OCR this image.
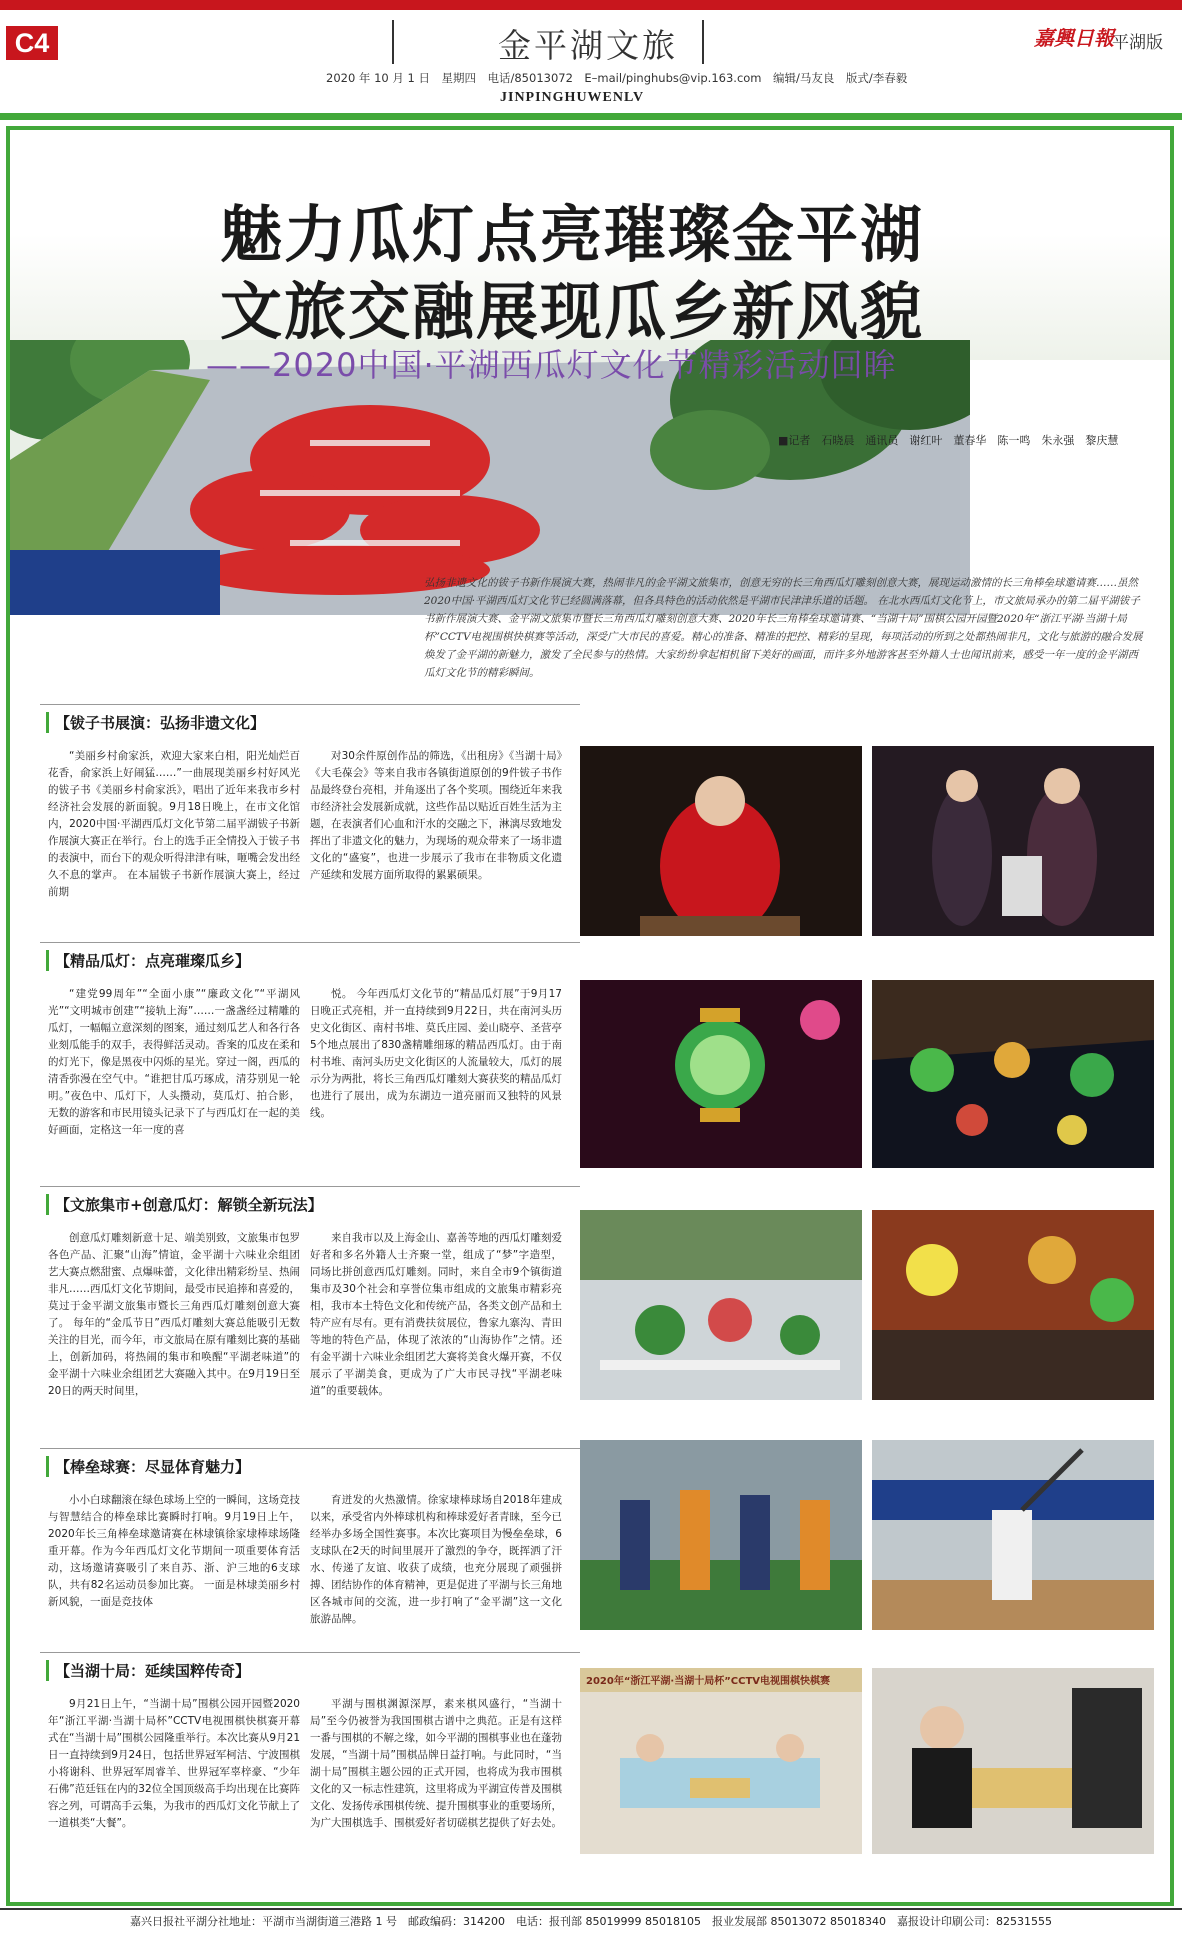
C4	金平湖文旅	嘉興日報
平湖版
2020 年 10 月 1 日　星期四　电话/85013072　E–mail/pinghubs@vip.163.com　编辑/马友良　版式/李春毅
JINPINGHUWENLV
魅力瓜灯点亮璀璨金平湖
文旅交融展现瓜乡新风貌
——2020中国·平湖西瓜灯文化节精彩活动回眸
■记者　石晓晨　通讯员　谢红叶　董春华　陈一鸣　朱永强　黎庆慧
弘扬非遗文化的钹子书新作展演大赛，热闹非凡的金平湖文旅集市，创意无穷的长三角西瓜灯雕刻创意大赛，展现运动激情的长三角棒垒球邀请赛……虽然2020中国·平湖西瓜灯文化节已经圆满落幕，但各具特色的活动依然是平湖市民津津乐道的话题。 在北水西瓜灯文化节上，市文旅局承办的第二届平湖钹子书新作展演大赛、金平湖文旅集市暨长三角西瓜灯雕刻创意大赛、2020年长三角棒垒球邀请赛、“当湖十局”围棋公园开园暨2020年“浙江平湖·当湖十局杯”CCTV电视围棋快棋赛等活动，深受广大市民的喜爱。精心的准备、精准的把控、精彩的呈现，每项活动的所到之处都热闹非凡，文化与旅游的融合发展焕发了金平湖的新魅力，激发了全民参与的热情。大家纷纷拿起相机留下美好的画面，而许多外地游客甚至外籍人士也闻讯前来，感受一年一度的金平湖西瓜灯文化节的精彩瞬间。
【钹子书展演：弘扬非遗文化】
“美丽乡村俞家浜，欢迎大家来白相，阳光灿烂百花香，俞家浜上好闹猛……”一曲展现美丽乡村好风光的钹子书《美丽乡村俞家浜》，唱出了近年来我市乡村经济社会发展的新面貌。9月18日晚上，在市文化馆内，2020中国·平湖西瓜灯文化节第二届平湖钹子书新作展演大赛正在举行。台上的选手正全情投入于钹子书的表演中，而台下的观众听得津津有味，咂嘴会发出经久不息的掌声。 在本届钹子书新作展演大赛上，经过前期
对30余件原创作品的筛选，《出租房》《当湖十局》《大毛葆会》等来自我市各镇街道原创的9件钹子书作品最终登台亮相，并角逐出了各个奖项。围绕近年来我市经济社会发展新成就，这些作品以贴近百姓生活为主题，在表演者们心血和汗水的交融之下，淋漓尽致地发挥出了非遗文化的魅力，为现场的观众带来了一场非遗文化的“盛宴”，也进一步展示了我市在非物质文化遗产延续和发展方面所取得的累累硕果。
【精品瓜灯：点亮璀璨瓜乡】
“建党99周年”“全面小康”“廉政文化”“平湖风光”“文明城市创建”“接轨上海”……一盏盏经过精雕的瓜灯，一幅幅立意深刻的图案，通过刻瓜艺人和各行各业刻瓜能手的双手，表得鲜活灵动。香案的瓜皮在柔和的灯光下，像是黑夜中闪烁的星光。穿过一阁，西瓜的清香弥漫在空气中。“谁把甘瓜巧琢成，清芬别见一轮明。”夜色中、瓜灯下，人头攒动，莫瓜灯、拍合影，无数的游客和市民用镜头记录下了与西瓜灯在一起的美好画面，定格这一年一度的喜
悦。 今年西瓜灯文化节的“精品瓜灯展”于9月17日晚正式亮相，并一直持续到9月22日，共在南河头历史文化街区、南村书堆、莫氏庄园、姜山晓亭、圣营亭5个地点展出了830盏精雕细琢的精品西瓜灯。由于南村书堆、南河头历史文化街区的人流量较大，瓜灯的展示分为两批，将长三角西瓜灯雕刻大赛获奖的精品瓜灯也进行了展出，成为东湖边一道亮丽而又独特的风景线。
【文旅集市+创意瓜灯：解锁全新玩法】
创意瓜灯雕刻新意十足、端美别致，文旅集市包罗各色产品、汇聚“山海”情谊，金平湖十六味业余组团艺大赛点燃甜蜜、点爆味蕾，文化律出精彩纷呈、热闹非凡……西瓜灯文化节期间，最受市民追捧和喜爱的，莫过于金平湖文旅集市暨长三角西瓜灯雕刻创意大赛了。 每年的“金瓜节日”西瓜灯雕刻大赛总能吸引无数关注的目光，而今年，市文旅局在原有雕刻比赛的基础上，创新加码，将热闹的集市和唤醒“平湖老味道”的金平湖十六味业余组团艺大赛融入其中。在9月19日至20日的两天时间里，
来自我市以及上海金山、嘉善等地的西瓜灯雕刻爱好者和多名外籍人士齐聚一堂，组成了“梦”字造型，同场比拼创意西瓜灯雕刻。同时，来自全市9个镇街道集市及30个社会和享誉位集市组成的文旅集市精彩亮相，我市本土特色文化和传统产品，各类文创产品和土特产应有尽有。更有消费扶贫展位，鲁家九寨沟、青田等地的特色产品，体现了浓浓的“山海协作”之情。还有金平湖十六味业余组团艺大赛将美食火爆开赛，不仅展示了平湖美食，更成为了广大市民寻找“平湖老味道”的重要载体。
【棒垒球赛：尽显体育魅力】
小小白球翻滚在绿色球场上空的一瞬间，这场竞技与智慧结合的棒垒球比赛瞬时打响。9月19日上午，2020年长三角棒垒球邀请赛在林埭镇徐家埭棒球场隆重开幕。作为今年西瓜灯文化节期间一项重要体育活动，这场邀请赛吸引了来自苏、浙、沪三地的6支球队，共有82名运动员参加比赛。 一面是林埭美丽乡村新风貌，一面是竞技体
育迸发的火热激情。徐家埭棒球场自2018年建成以来，承受省内外棒球机构和棒球爱好者青睐，至今已经举办多场全国性赛事。本次比赛项目为慢垒垒球，6支球队在2天的时间里展开了激烈的争夺，既挥洒了汗水、传递了友谊、收获了成绩，也充分展现了顽强拼搏、团结协作的体育精神，更是促进了平湖与长三角地区各城市间的交流，进一步打响了“金平湖”这一文化旅游品牌。
【当湖十局：延续国粹传奇】
9月21日上午，“当湖十局”围棋公园开园暨2020年“浙江平湖·当湖十局杯”CCTV电视围棋快棋赛开幕式在“当湖十局”围棋公园隆重举行。本次比赛从9月21日一直持续到9月24日，包括世界冠军柯洁、宁波围棋小将谢科、世界冠军周睿羊、世界冠军辜梓豪、“少年石佛”范廷钰在内的32位全国顶级高手均出现在比赛阵容之列，可谓高手云集，为我市的西瓜灯文化节献上了一道棋类“大餐”。
平湖与围棋渊源深厚，素来棋风盛行，“当湖十局”至今仍被誉为我国围棋古谱中之典范。正是有这样一番与围棋的不解之缘，如今平湖的围棋事业也在蓬勃发展，“当湖十局”围棋品牌日益打响。与此同时，“当湖十局”围棋主题公园的正式开园，也将成为我市围棋文化的又一标志性建筑，这里将成为平湖宣传普及围棋文化、发扬传承围棋传统、提升围棋事业的重要场所，为广大围棋选手、围棋爱好者切磋棋艺提供了好去处。
2020年“浙江平湖·当湖十局杯”CCTV电视围棋快棋赛
嘉兴日报社平湖分社地址：平湖市当湖街道三港路 1 号　邮政编码：314200　电话：报刊部 85019999 85018105　报业发展部 85013072 85018340　嘉报设计印刷公司：82531555
